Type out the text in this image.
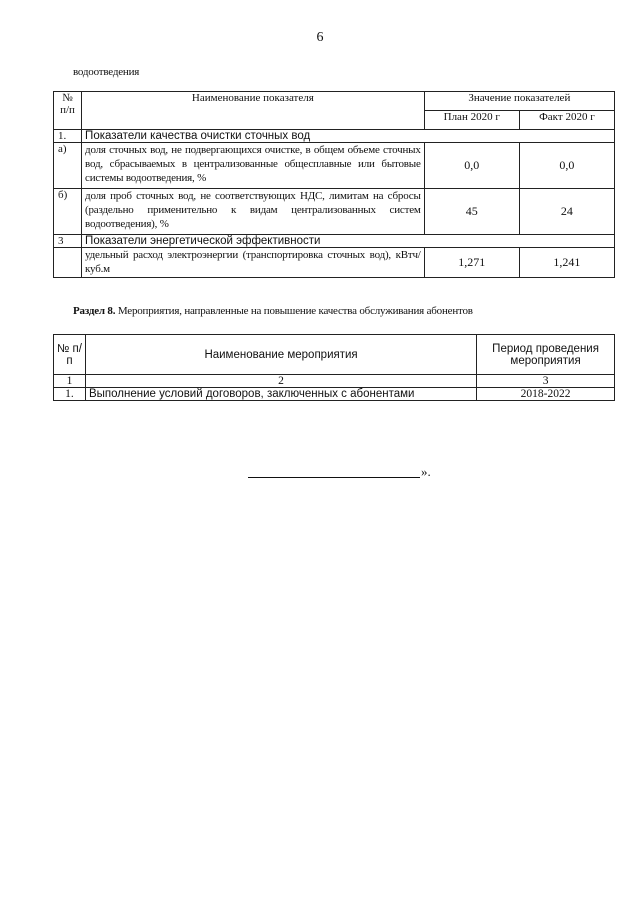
6
водоотведения
№ п/п	Наименование показателя	Значение показателей	
		План 2020 г	Факт 2020 г
1.	Показатели качества очистки сточных вод		
а)	доля сточных вод, не подвергающихся очистке, в общем объеме сточных вод, сбрасываемых в централизованные общесплавные или бытовые системы водоотведения, %	0,0	0,0
б)	доля проб сточных вод, не соответствующих НДС, лимитам на сбросы (раздельно применительно к видам централизованных систем водоотведения), %	45	24
3	Показатели энергетической эффективности		
	удельный расход электроэнергии (транспортировка сточных вод), кВтч/куб.м	1,271	1,241
Раздел 8. Мероприятия, направленные на повышение качества обслуживания абонентов
№ п/п	Наименование мероприятия	Период проведения мероприятия
1	2	3
1.	Выполнение условий договоров, заключенных с абонентами	2018-2022
».
